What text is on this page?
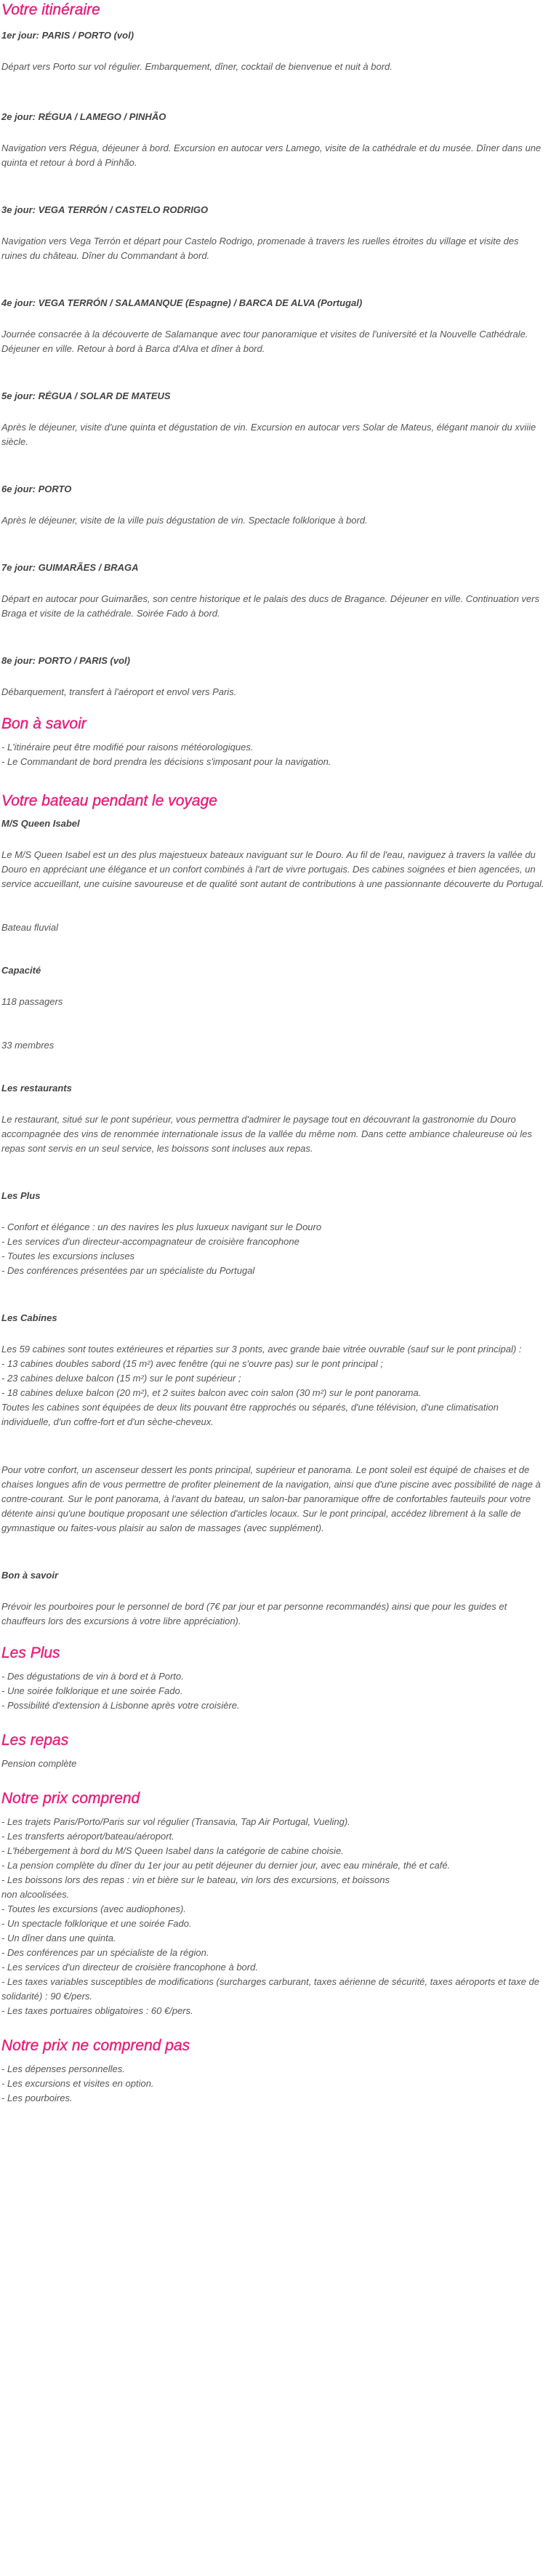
Votre itinéraire

1er jour: PARIS / PORTO (vol)

Départ vers Porto sur vol régulier. Embarquement, dîner, cocktail de bienvenue et nuit à bord.

2e jour: RÉGUA / LAMEGO / PINHÃO

Navigation vers Régua, déjeuner à bord. Excursion en autocar vers Lamego, visite de la cathédrale et du musée. Dîner dans une quinta et retour à bord à Pinhão.

3e jour: VEGA TERRÓN / CASTELO RODRIGO

Navigation vers Vega Terrón et départ pour Castelo Rodrigo, promenade à travers les ruelles étroites du village et visite des ruines du château. Dîner du Commandant à bord.

4e jour: VEGA TERRÓN / SALAMANQUE (Espagne) / BARCA DE ALVA (Portugal)

Journée consacrée à la découverte de Salamanque avec tour panoramique et visites de l'université et la Nouvelle Cathédrale. Déjeuner en ville. Retour à bord à Barca d'Alva et dîner à bord.

5e jour: RÉGUA / SOLAR DE MATEUS

Après le déjeuner, visite d'une quinta et dégustation de vin. Excursion en autocar vers Solar de Mateus, élégant manoir du xviiie siècle.

6e jour: PORTO

Après le déjeuner, visite de la ville puis dégustation de vin. Spectacle folklorique à bord.

7e jour: GUIMARÃES / BRAGA

Départ en autocar pour Guimarães, son centre historique et le palais des ducs de Bragance. Déjeuner en ville. Continuation vers Braga et visite de la cathédrale. Soirée Fado à bord.

8e jour: PORTO / PARIS (vol)

Débarquement, transfert à l'aéroport et envol vers Paris.

Bon à savoir

- L'itinéraire peut être modifié pour raisons météorologiques.

- Le Commandant de bord prendra les décisions s'imposant pour la navigation.

Votre bateau pendant le voyage

M/S Queen Isabel

Le M/S Queen Isabel est un des plus majestueux bateaux naviguant sur le Douro. Au fil de l'eau, naviguez à travers la vallée du Douro en appréciant une élégance et un confort combinés à l'art de vivre portugais. Des cabines soignées et bien agencées, un service accueillant, une cuisine savoureuse et de qualité sont autant de contributions à une passionnante découverte du Portugal.

Bateau fluvial

Capacité

118 passagers

33 membres

Les restaurants

Le restaurant, situé sur le pont supérieur, vous permettra d'admirer le paysage tout en découvrant la gastronomie du Douro accompagnée des vins de renommée internationale issus de la vallée du même nom. Dans cette ambiance chaleureuse où les repas sont servis en un seul service, les boissons sont incluses aux repas.

Les Plus

- Confort et élégance : un des navires les plus luxueux navigant sur le Douro

- Les services d'un directeur-accompagnateur de croisière francophone

- Toutes les excursions incluses

- Des conférences présentées par un spécialiste du Portugal

Les Cabines

Les 59 cabines sont toutes extérieures et réparties sur 3 ponts, avec grande baie vitrée ouvrable (sauf sur le pont principal) :

- 13 cabines doubles sabord (15 m²) avec fenêtre (qui ne s'ouvre pas) sur le pont principal ;

- 23 cabines deluxe balcon (15 m²) sur le pont supérieur ;

- 18 cabines deluxe balcon (20 m²), et 2 suites balcon avec coin salon (30 m²) sur le pont panorama.

Toutes les cabines sont équipées de deux lits pouvant être rapprochés ou séparés, d'une télévision, d'une climatisation individuelle, d'un coffre-fort et d'un sèche-cheveux.

Pour votre confort, un ascenseur dessert les ponts principal, supérieur et panorama. Le pont soleil est équipé de chaises et de chaises longues afin de vous permettre de profiter pleinement de la navigation, ainsi que d'une piscine avec possibilité de nage à contre-courant. Sur le pont panorama, à l'avant du bateau, un salon-bar panoramique offre de confortables fauteuils pour votre détente ainsi qu'une boutique proposant une sélection d'articles locaux. Sur le pont principal, accédez librement à la salle de gymnastique ou faites-vous plaisir au salon de massages (avec supplément).

Bon à savoir

Prévoir les pourboires pour le personnel de bord (7€ par jour et par personne recommandés) ainsi que pour les guides et chauffeurs lors des excursions à votre libre appréciation).

Les Plus

- Des dégustations de vin à bord et à Porto.

- Une soirée folklorique et une soirée Fado.

- Possibilité d'extension à Lisbonne après votre croisière.

Les repas

Pension complète

Notre prix comprend

- Les trajets Paris/Porto/Paris sur vol régulier (Transavia, Tap Air Portugal, Vueling).

- Les transferts aéroport/bateau/aéroport.

- L'hébergement à bord du M/S Queen Isabel dans la catégorie de cabine choisie.

- La pension complète du dîner du 1er jour au petit déjeuner du dernier jour, avec eau minérale, thé et café.

- Les boissons lors des repas : vin et bière sur le bateau, vin lors des excursions, et boissons

non alcoolisées.

- Toutes les excursions (avec audiophones).

- Un spectacle folklorique et une soirée Fado.

- Un dîner dans une quinta.

- Des conférences par un spécialiste de la région.

- Les services d'un directeur de croisière francophone à bord.

- Les taxes variables susceptibles de modifications (surcharges carburant, taxes aérienne de sécurité, taxes aéroports et taxe de solidarité) : 90 €/pers.

- Les taxes portuaires obligatoires : 60 €/pers.

Notre prix ne comprend pas

- Les dépenses personnelles.

- Les excursions et visites en option.

- Les pourboires.
